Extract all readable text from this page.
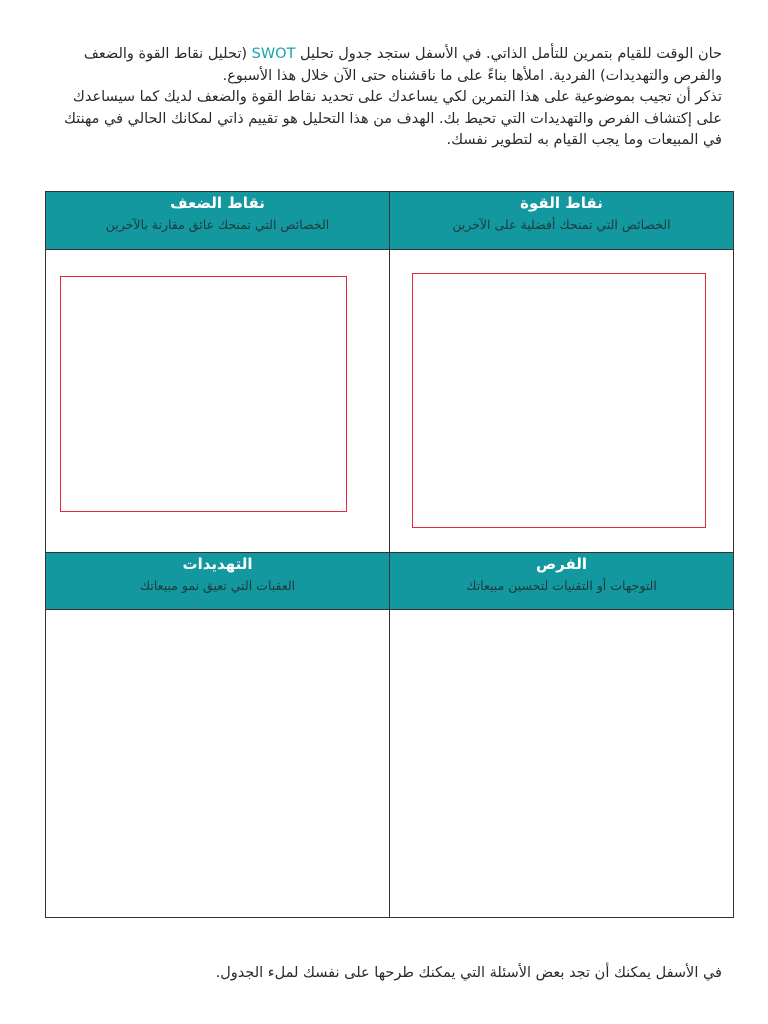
حان الوقت للقيام بتمرين للتأمل الذاتي. في الأسفل ستجد جدول تحليل SWOT (تحليل نقاط القوة والضعف والفرص والتهديدات) الفردية. املأها بناءً على ما ناقشناه حتى الآن خلال هذا الأسبوع.

تذكر أن تجيب بموضوعية على هذا التمرين لكي يساعدك على تحديد نقاط القوة والضعف لديك كما سيساعدك على إكتشاف الفرص والتهديدات التي تحيط بك. الهدف من هذا التحليل هو تقييم ذاتي لمكانك الحالي في مهنتك في المبيعات وما يجب القيام به لتطوير نفسك.

نقاط القوة
الخصائص التي تمنحك أفضلية على الآخرين
الفرص
التوجهات أو التقنيات لتحسين مبيعاتك
نقاط الضعف
الخصائص التي تمنحك عائق مقارنة بالآخرين
التهديدات
العقبات التي تعيق نمو مبيعاتك
في الأسفل يمكنك أن تجد بعض الأسئلة التي يمكنك طرحها على نفسك لملء الجدول.
